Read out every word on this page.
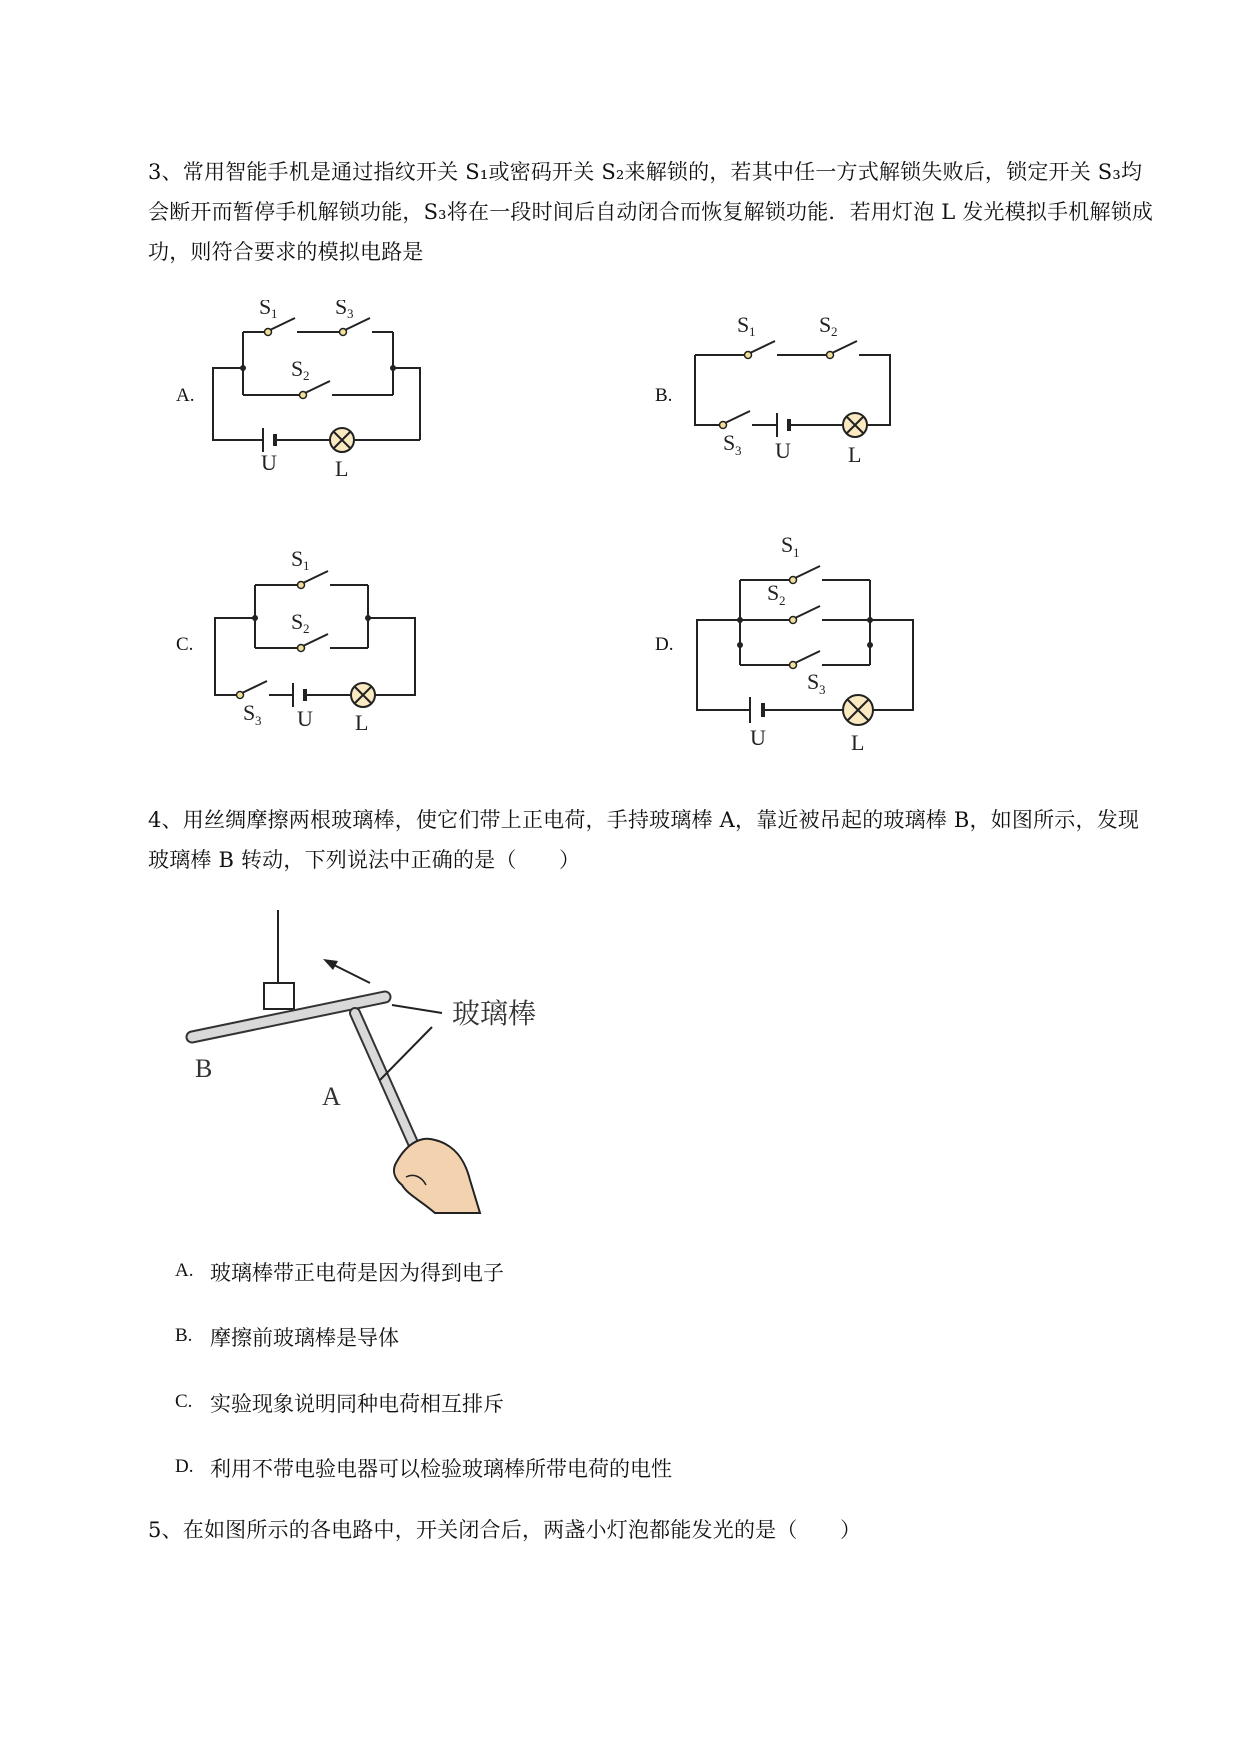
3、常用智能手机是通过指纹开关 S₁或密码开关 S₂来解锁的，若其中任一方式解锁失败后，锁定开关 S₃均会断开而暂停手机解锁功能，S₃将在一段时间后自动闭合而恢复解锁功能．若用灯泡 L 发光模拟手机解锁成功，则符合要求的模拟电路是
A.	B.
C.	D.
S 1	S 3
S 2
U	L
S 1	S 2
S 3 U	L
S 1
S 2
S 3 U L
S 1
S 2
S 3
U	L
4、用丝绸摩擦两根玻璃棒，使它们带上正电荷，手持玻璃棒 A，靠近被吊起的玻璃棒 B，如图所示，发现玻璃棒 B 转动，下列说法中正确的是（　　）
玻璃棒
B
A
A. 玻璃棒带正电荷是因为得到电子
B. 摩擦前玻璃棒是导体
C. 实验现象说明同种电荷相互排斥
D. 利用不带电验电器可以检验玻璃棒所带电荷的电性
5、在如图所示的各电路中，开关闭合后，两盏小灯泡都能发光的是（　　）
